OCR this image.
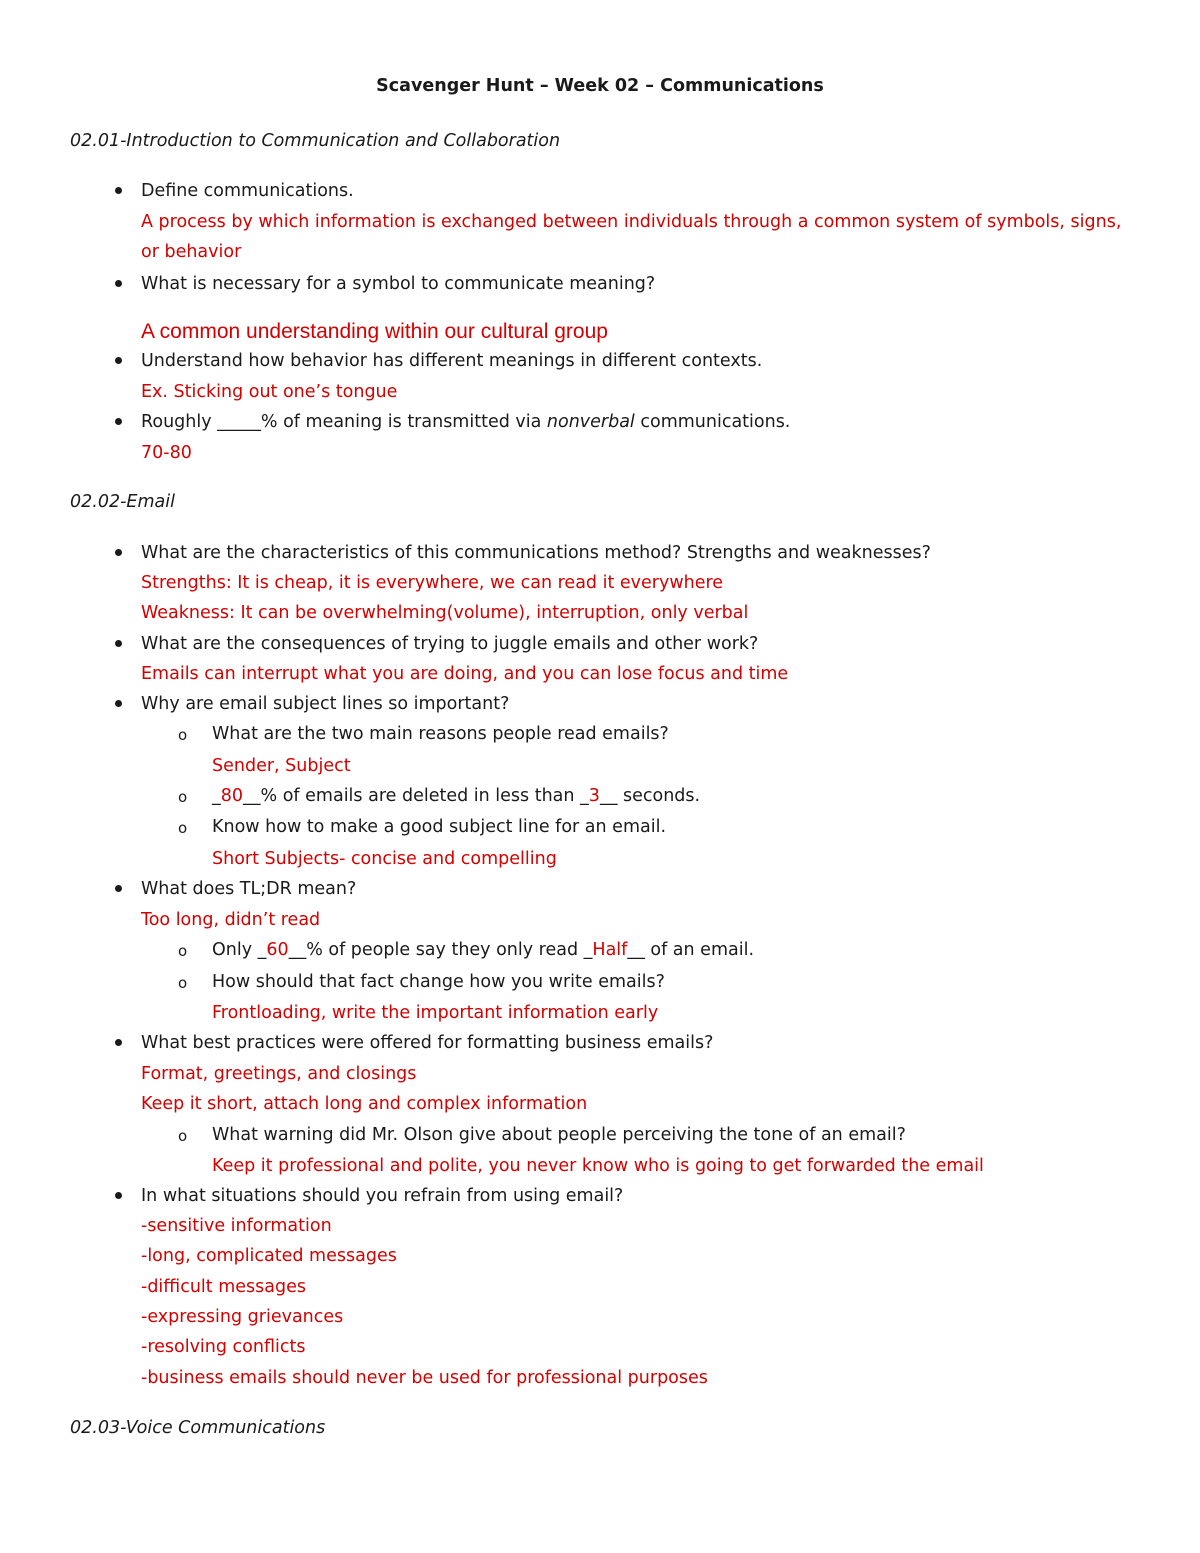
Scavenger Hunt – Week 02 – Communications
02.01-Introduction to Communication and Collaboration
Define communications.
A process by which information is exchanged between individuals through a common system of symbols, signs,
or behavior
What is necessary for a symbol to communicate meaning?
A common understanding within our cultural group
Understand how behavior has different meanings in different contexts.
Ex. Sticking out one’s tongue
Roughly _____% of meaning is transmitted via nonverbal communications.
70-80
02.02-Email
What are the characteristics of this communications method? Strengths and weaknesses?
Strengths: It is cheap, it is everywhere, we can read it everywhere
Weakness: It can be overwhelming(volume), interruption, only verbal
What are the consequences of trying to juggle emails and other work?
Emails can interrupt what you are doing, and you can lose focus and time
Why are email subject lines so important?
o What are the two main reasons people read emails?
Sender, Subject
o _80__% of emails are deleted in less than _3__ seconds.
o Know how to make a good subject line for an email.
Short Subjects- concise and compelling
What does TL;DR mean?
Too long, didn’t read
o Only _60__% of people say they only read _Half__ of an email.
o How should that fact change how you write emails?
Frontloading, write the important information early
What best practices were offered for formatting business emails?
Format, greetings, and closings
Keep it short, attach long and complex information
o What warning did Mr. Olson give about people perceiving the tone of an email?
Keep it professional and polite, you never know who is going to get forwarded the email
In what situations should you refrain from using email?
-sensitive information
-long, complicated messages
-difficult messages
-expressing grievances
-resolving conflicts
-business emails should never be used for professional purposes
02.03-Voice Communications
